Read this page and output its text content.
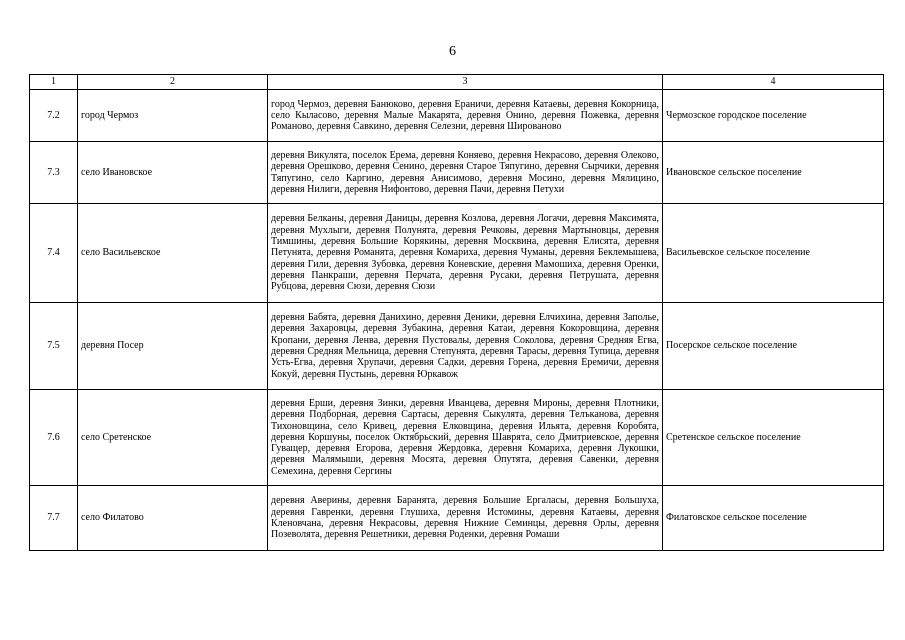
6
1	2	3	4
7.2	город Чермоз	город Чермоз, деревня Банюково, деревня Ераничи, деревня Катаевы, деревня Кокорница, село Кыласово, деревня Малые Макарята, деревня Онино, деревня Пожевка, деревня Романово, деревня Савкино, деревня Селезни, деревня Шированово	Чермозское городское поселение
7.3	село Ивановское	деревня Викулята, поселок Ерема, деревня Коняево, деревня Некрасово, деревня Олеково, деревня Орешково, деревня Сенино, деревня Старое Тяпугино, деревня Сырчики, деревня Тяпугино, село Каргино, деревня Анисимово, деревня Мосино, деревня Мялицино, деревня Нилиги, деревня Нифонтово, деревня Пачи, деревня Петухи	Ивановское сельское поселение
7.4	село Васильевское	деревня Белканы, деревня Даницы, деревня Козлова, деревня Логачи, деревня Максимята, деревня Мухлыги, деревня Полунята, деревня Речковы, деревня Мартыновцы, деревня Тимшины, деревня Большие Корякины, деревня Москвина, деревня Елисята, деревня Петунята, деревня Романята, деревня Комариха, деревня Чуманы, деревня Беклемышева, деревня Гили, деревня Зубовка, деревня Коневские, деревня Мамошиха, деревня Оренки, деревня Панкраши, деревня Перчата, деревня Русаки, деревня Петрушата, деревня Рубцова, деревня Сюзи, деревня Сюзи	Васильевское сельское поселение
7.5	деревня Посер	деревня Бабята, деревня Данихино, деревня Деники, деревня Елчихина, деревня Заполье, деревня Захаровцы, деревня Зубакина, деревня Катаи, деревня Кокоровщина, деревня Кропани, деревня Ленва, деревня Пустовалы, деревня Соколова, деревня Средняя Егва, деревня Средняя Мельница, деревня Степунята, деревня Тарасы, деревня Тупица, деревня Усть-Егва, деревня Хрупачи, деревня Садки, деревня Горена, деревня Еремичи, деревня Кокуй, деревня Пустынь, деревня Юркавож	Посерское сельское поселение
7.6	село Сретенское	деревня Ерши, деревня Зинки, деревня Иванцева, деревня Мироны, деревня Плотники, деревня Подборная, деревня Сартасы, деревня Сыкулята, деревня Телъканова, деревня Тихоновщина, село Кривец, деревня Елковщина, деревня Ильята, деревня Коробята, деревня Коршуны, поселок Октябрьский, деревня Шаврята, село Дмитриевское, деревня Гуващер, деревня Егорова, деревня Жердовка, деревня Комариха, деревня Лукошки, деревня Малямыши, деревня Мосята, деревня Опутята, деревня Савенки, деревня Семехина, деревня Сергины	Сретенское сельское поселение
7.7	село Филатово	деревня Аверины, деревня Баранята, деревня Большие Ергаласы, деревня Большуха, деревня Гавренки, деревня Глушиха, деревня Истомины, деревня Катаевы, деревня Кленовчана, деревня Некрасовы, деревня Нижние Семинцы, деревня Орлы, деревня Позеволята, деревня Решетники, деревня Роденки, деревня Ромаши	Филатовское сельское поселение
